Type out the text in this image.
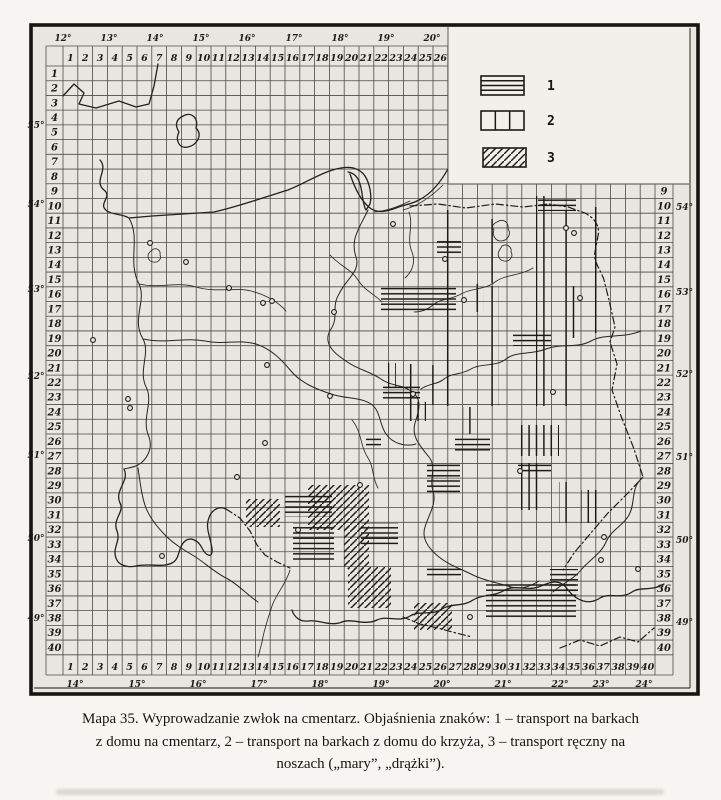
1 2 3 4 5 6 7 8 9 10 11 12 13 14 15 16 17 18 19 20 21 22 23 24 25 26
1 2 3 4 5 6 7 8 9 10 11 12 13 14 15 16 17 18 19 20 21 22 23 24 25 26 27 28 29 30 31 32 33 34 35 36 37 38 39 40
1
2
3
4
5
6
7
8
9
10
11
12
13
14
15
16
17
18
19
20
21
22
23
24
25
26
27
28
29
30
31
32
33
34
35
36
37
38
39
40
9
10
11
12
13
14
15
16
17
18
19
20
21
22
23
24
25
26
27
28
29
30
31
32
33
34
35
36
37
38
39
40
12°	13°	14°	15°	16°	17°	18°	19°	20°
14°	15°	16°	17°	18°	19°	20°	21°	22°	23°	24°
55°
54°
53°
52°
51°
50°
49°
54°
53°
52°
51°
50°
49°
1
2
3
Mapa 35. Wyprowadzanie zwłok na cmentarz. Objaśnienia znaków: 1 – transport na barkach
z domu na cmentarz, 2 – transport na barkach z domu do krzyża, 3 – transport ręczny na
noszach („mary”, „drążki”).
